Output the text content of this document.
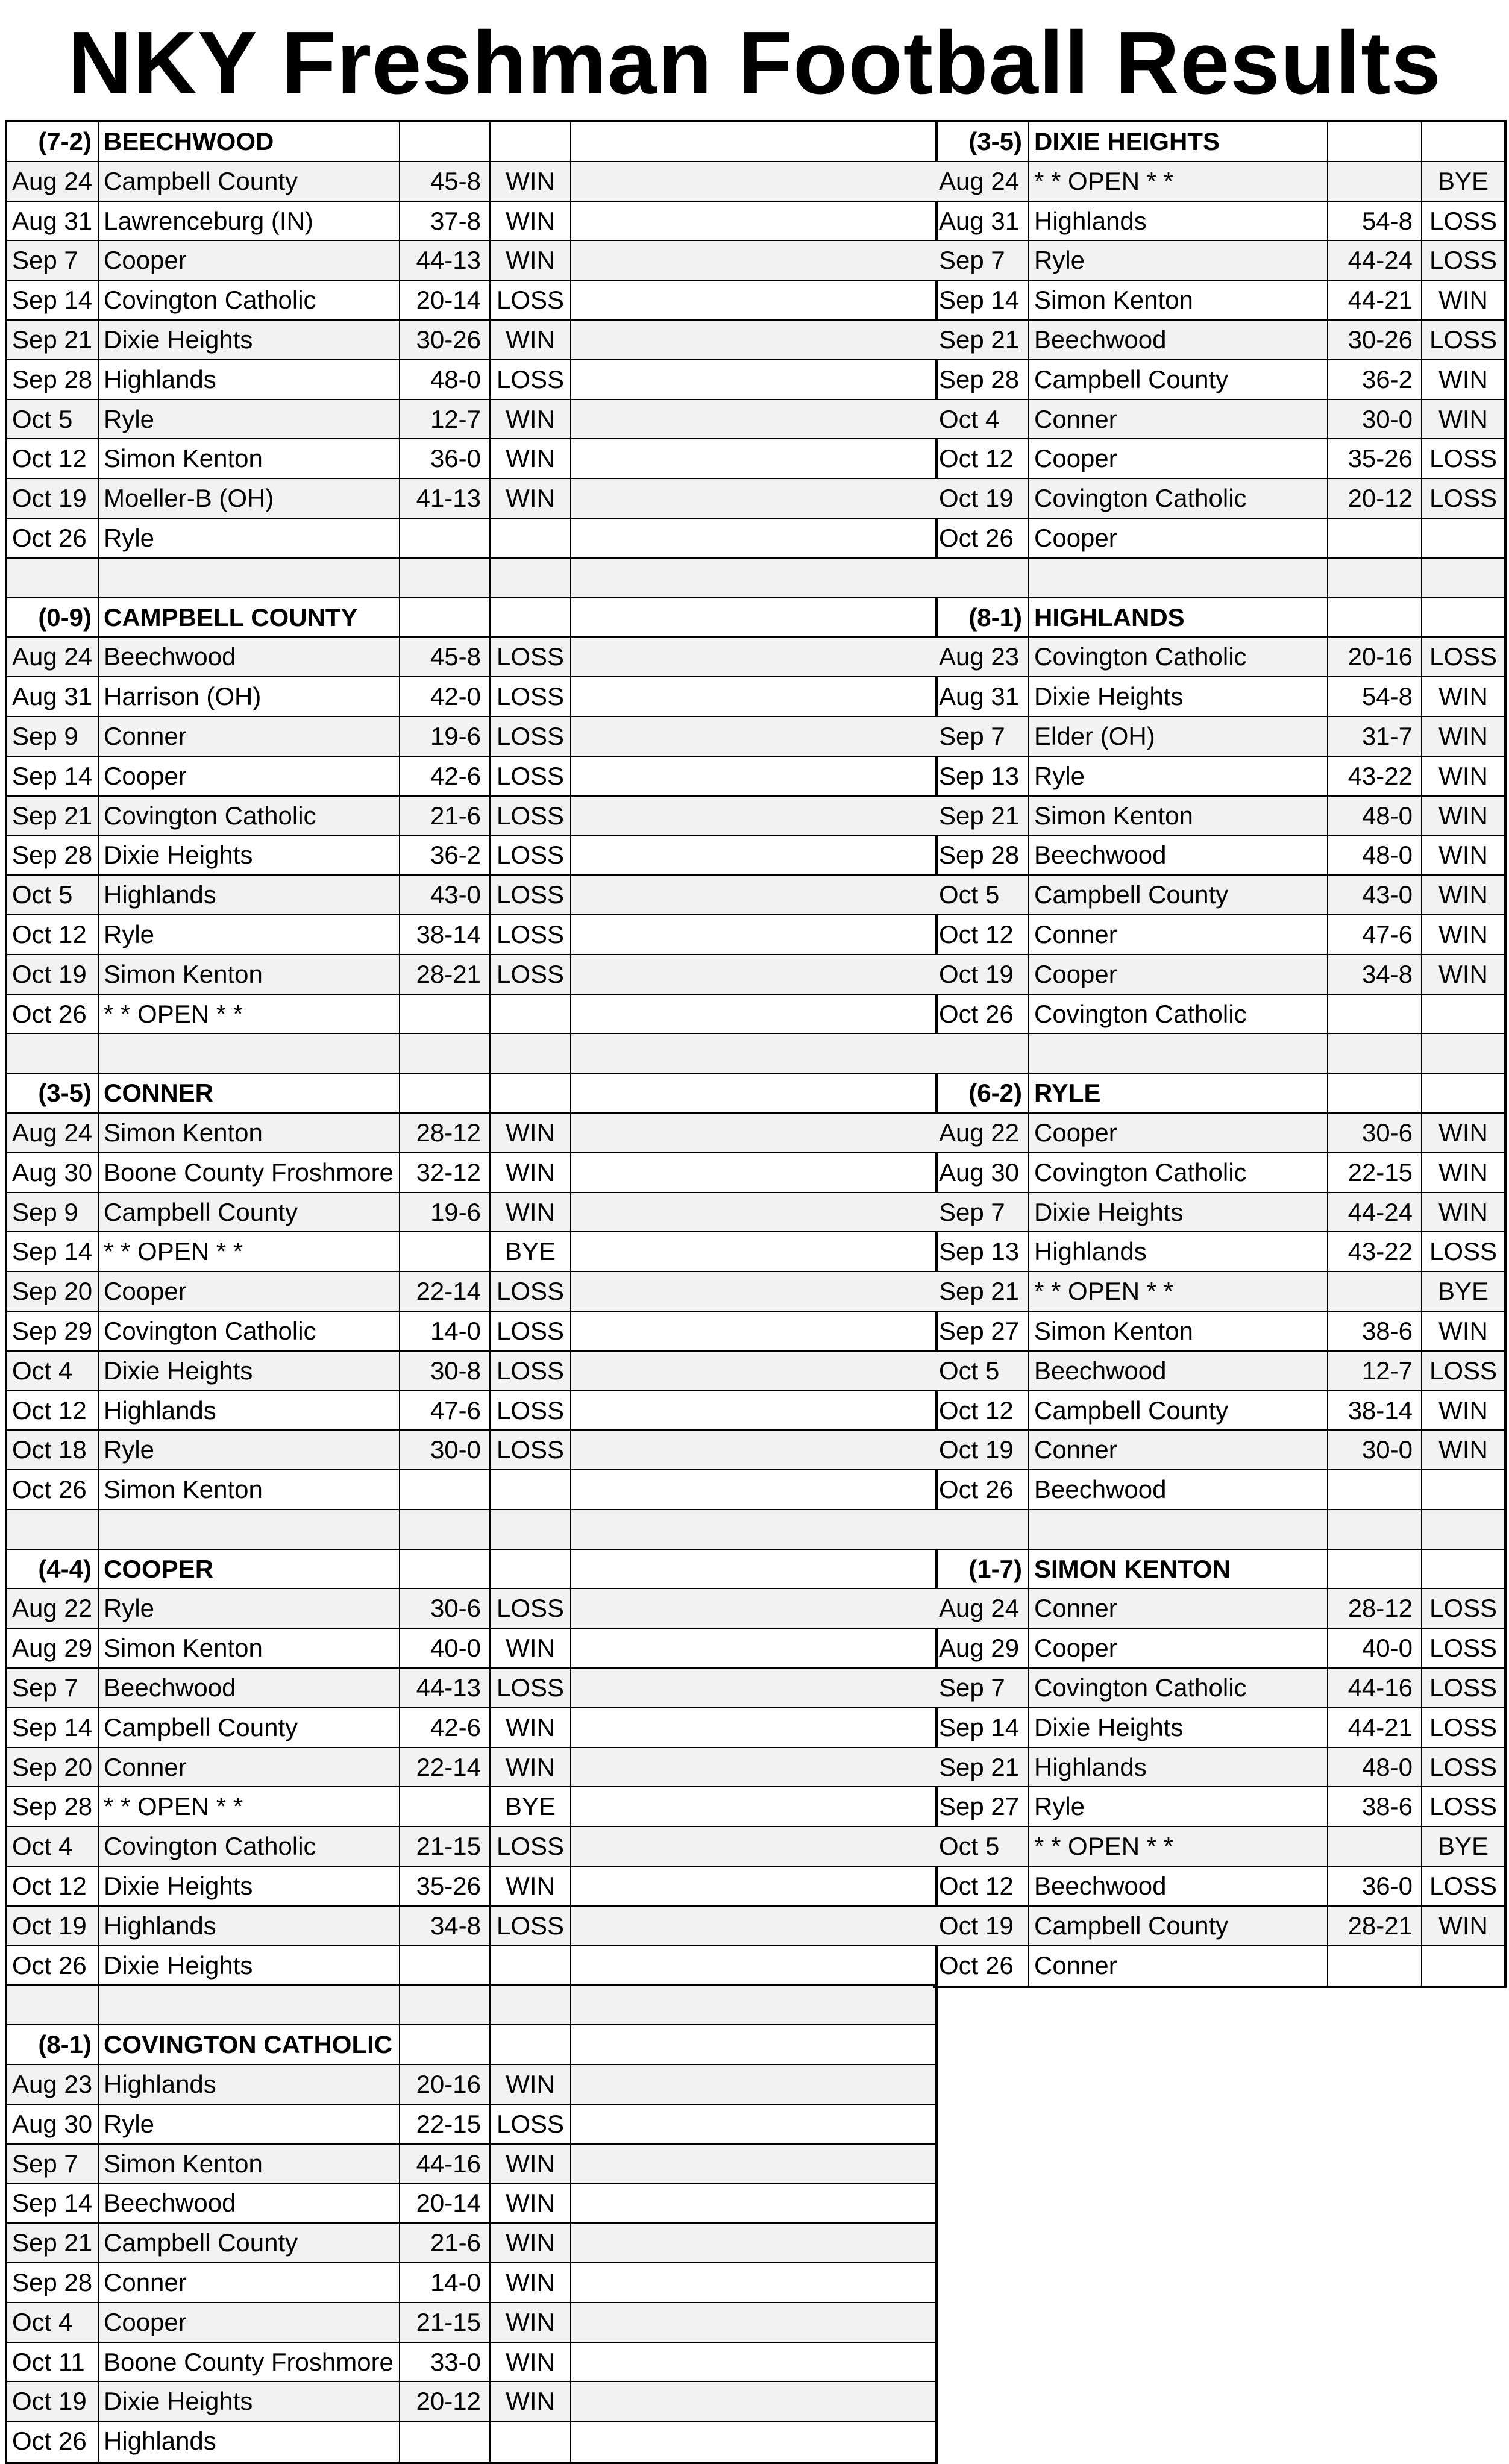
NKY Freshman Football Results
(7-2) BEECHWOOD
Aug 24 Campbell County	45-8 WIN
Aug 31 Lawrenceburg (IN)	37-8 WIN
Sep 7	Cooper	44-13 WIN
Sep 14 Covington Catholic	20-14 LOSS
Sep 21 Dixie Heights	30-26 WIN
Sep 28 Highlands	48-0 LOSS
Oct 5	Ryle	12-7 WIN
Oct 12 Simon Kenton	36-0 WIN
Oct 19 Moeller-B (OH)	41-13 WIN
Oct 26 Ryle
(0-9) CAMPBELL COUNTY
Aug 24 Beechwood	45-8 LOSS
Aug 31 Harrison (OH)	42-0 LOSS
Sep 9	Conner	19-6 LOSS
Sep 14 Cooper	42-6 LOSS
Sep 21 Covington Catholic	21-6 LOSS
Sep 28 Dixie Heights	36-2 LOSS
Oct 5	Highlands	43-0 LOSS
Oct 12 Ryle	38-14 LOSS
Oct 19 Simon Kenton	28-21 LOSS
Oct 26 * * OPEN * *
(3-5) CONNER
Aug 24 Simon Kenton	28-12 WIN
Aug 30 Boone County Froshmore 32-12 WIN
Sep 9	Campbell County	19-6 WIN
Sep 14 * * OPEN * *	BYE
Sep 20 Cooper	22-14 LOSS
Sep 29 Covington Catholic	14-0 LOSS
Oct 4	Dixie Heights	30-8 LOSS
Oct 12 Highlands	47-6 LOSS
Oct 18 Ryle	30-0 LOSS
Oct 26 Simon Kenton
(4-4) COOPER
Aug 22 Ryle	30-6 LOSS
Aug 29 Simon Kenton	40-0 WIN
Sep 7	Beechwood	44-13 LOSS
Sep 14 Campbell County	42-6 WIN
Sep 20 Conner	22-14 WIN
Sep 28 * * OPEN * *	BYE
Oct 4	Covington Catholic	21-15 LOSS
Oct 12 Dixie Heights	35-26 WIN
Oct 19 Highlands	34-8 LOSS
Oct 26 Dixie Heights
(8-1) COVINGTON CATHOLIC
Aug 23 Highlands	20-16 WIN
Aug 30 Ryle	22-15 LOSS
Sep 7	Simon Kenton	44-16 WIN
Sep 14 Beechwood	20-14 WIN
Sep 21 Campbell County	21-6 WIN
Sep 28 Conner	14-0 WIN
Oct 4	Cooper	21-15 WIN
Oct 11 Boone County Froshmore	33-0 WIN
Oct 19 Dixie Heights	20-12 WIN
Oct 26 Highlands
(3-5) DIXIE HEIGHTS
Aug 24 * * OPEN * *	BYE
Aug 31 Highlands	54-8 LOSS
Sep 7	Ryle	44-24 LOSS
Sep 14 Simon Kenton	44-21	WIN
Sep 21 Beechwood	30-26 LOSS
Sep 28 Campbell County	36-2	WIN
Oct 4	Conner	30-0	WIN
Oct 12 Cooper	35-26 LOSS
Oct 19 Covington Catholic	20-12 LOSS
Oct 26 Cooper
(8-1) HIGHLANDS
Aug 23 Covington Catholic	20-16 LOSS
Aug 31 Dixie Heights	54-8	WIN
Sep 7	Elder (OH)	31-7	WIN
Sep 13 Ryle	43-22	WIN
Sep 21 Simon Kenton	48-0	WIN
Sep 28 Beechwood	48-0	WIN
Oct 5	Campbell County	43-0	WIN
Oct 12 Conner	47-6	WIN
Oct 19 Cooper	34-8	WIN
Oct 26 Covington Catholic
(6-2) RYLE
Aug 22 Cooper	30-6	WIN
Aug 30 Covington Catholic	22-15	WIN
Sep 7	Dixie Heights	44-24	WIN
Sep 13 Highlands	43-22 LOSS
Sep 21 * * OPEN * *	BYE
Sep 27 Simon Kenton	38-6	WIN
Oct 5	Beechwood	12-7 LOSS
Oct 12 Campbell County	38-14	WIN
Oct 19 Conner	30-0	WIN
Oct 26 Beechwood
(1-7) SIMON KENTON
Aug 24 Conner	28-12 LOSS
Aug 29 Cooper	40-0 LOSS
Sep 7	Covington Catholic	44-16 LOSS
Sep 14 Dixie Heights	44-21 LOSS
Sep 21 Highlands	48-0 LOSS
Sep 27 Ryle	38-6 LOSS
Oct 5	* * OPEN * *	BYE
Oct 12 Beechwood	36-0 LOSS
Oct 19 Campbell County	28-21	WIN
Oct 26 Conner
